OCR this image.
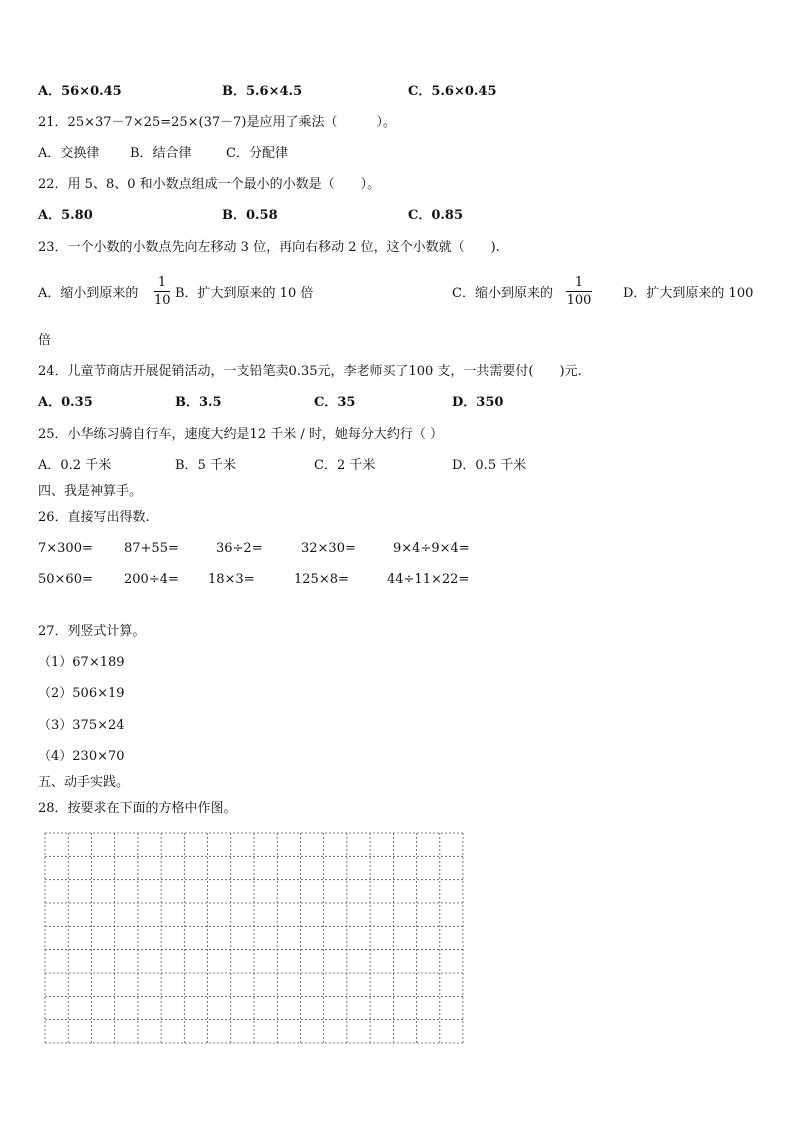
A．56×0.45	B．5.6×4.5	C．5.6×0.45
21．25×37－7×25=25×(37－7)是应用了乘法（　　　）。
A．交换律 B．结合律	C．分配律
22．用 5、8、0 和小数点组成一个最小的小数是（　　）。
A．5.80	B．0.58	C．0.85
23．一个小数的小数点先向左移动 3 位，再向右移动 2 位，这个小数就（　　).
A．缩小到原来的
1
10 B．扩大到原来的 10 倍	C．缩小到原来的
1
100 D．扩大到原来的 100
倍
24．儿童节商店开展促销活动，一支铅笔卖0.35元，李老师买了100 支，一共需要付(　　)元.
A．0.35	B．3.5	C．35	D．350
25．小华练习骑自行车，速度大约是12 千米 / 时，她每分大约行（ ）
A．0.2 千米	B．5 千米	C．2 千米	D．0.5 千米
四、我是神算手。
26．直接写出得数.
7×300= 87+55=	36÷2=	32×30=	9×4÷9×4=
50×60= 200÷4= 18×3=	125×8=	44÷11×22=
27．列竖式计算。
（1）67×189
（2）506×19
（3）375×24
（4）230×70
五、动手实践。
28．按要求在下面的方格中作图。
